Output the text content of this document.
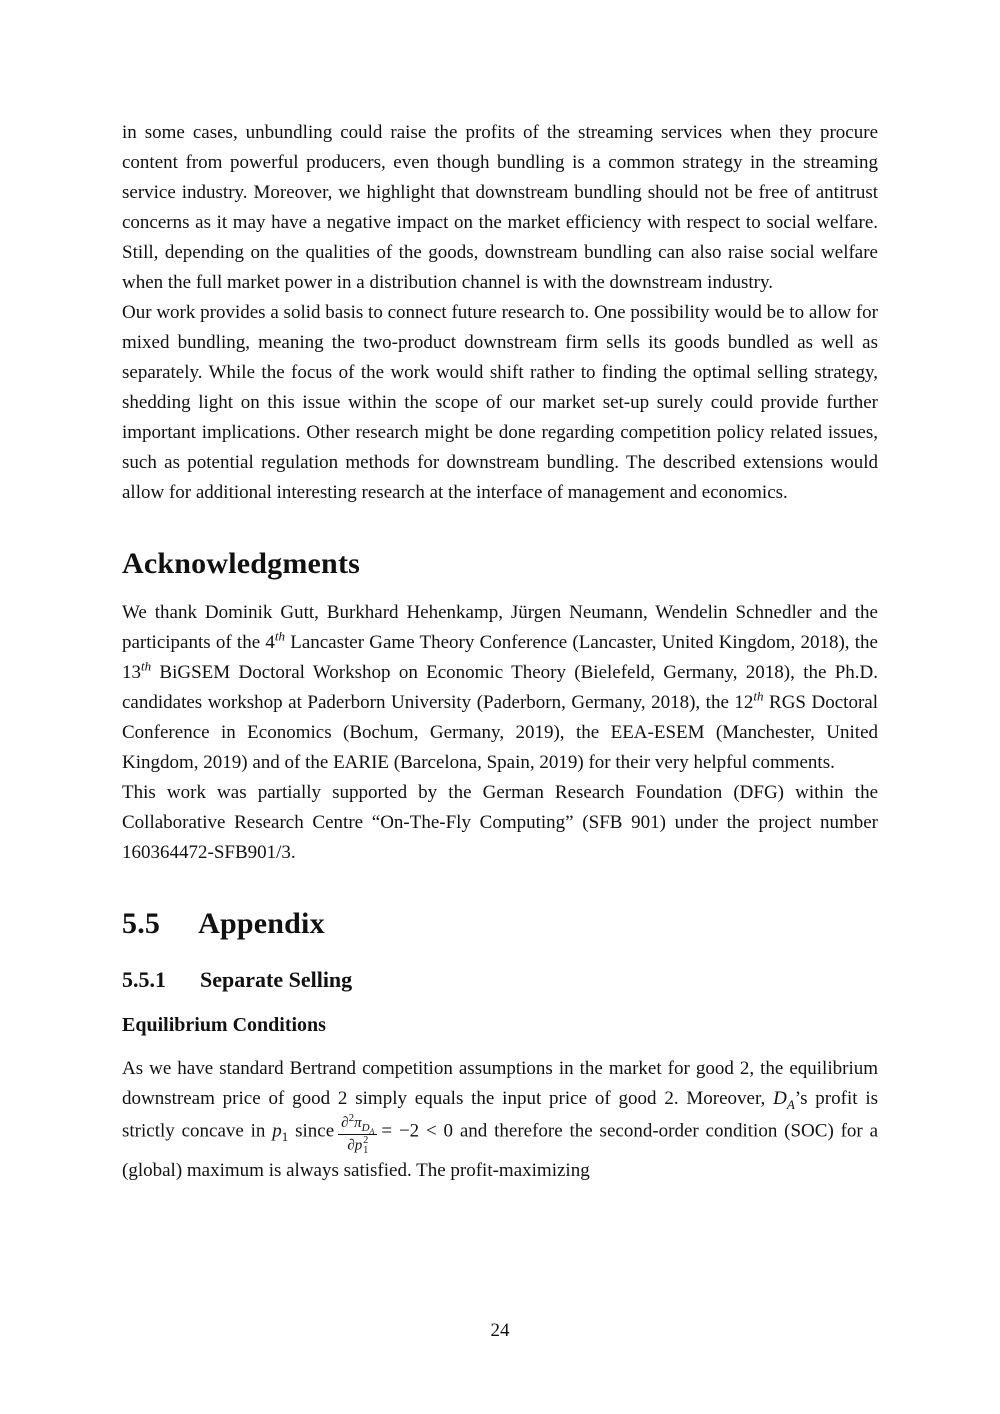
in some cases, unbundling could raise the profits of the streaming services when they procure content from powerful producers, even though bundling is a common strategy in the streaming service industry. Moreover, we highlight that downstream bundling should not be free of antitrust concerns as it may have a negative impact on the market efficiency with respect to social welfare. Still, depending on the qualities of the goods, downstream bundling can also raise social welfare when the full market power in a distribution channel is with the downstream industry.

Our work provides a solid basis to connect future research to. One possibility would be to allow for mixed bundling, meaning the two-product downstream firm sells its goods bundled as well as separately. While the focus of the work would shift rather to finding the optimal selling strategy, shedding light on this issue within the scope of our market set-up surely could provide further important implications. Other research might be done regarding competition policy related issues, such as potential regulation methods for downstream bundling. The described extensions would allow for additional interesting research at the interface of management and economics.

Acknowledgments

We thank Dominik Gutt, Burkhard Hehenkamp, Jürgen Neumann, Wendelin Schnedler and the participants of the 4th Lancaster Game Theory Conference (Lancaster, United Kingdom, 2018), the 13th BiGSEM Doctoral Workshop on Economic Theory (Bielefeld, Germany, 2018), the Ph.D. candidates workshop at Paderborn University (Paderborn, Germany, 2018), the 12th RGS Doctoral Conference in Economics (Bochum, Germany, 2019), the EEA-ESEM (Manchester, United Kingdom, 2019) and of the EARIE (Barcelona, Spain, 2019) for their very helpful comments.

This work was partially supported by the German Research Foundation (DFG) within the Collaborative Research Centre “On-The-Fly Computing” (SFB 901) under the project number 160364472-SFB901/3.

5.5 Appendix
5.5.1 Separate Selling
Equilibrium Conditions

As we have standard Bertrand competition assumptions in the market for good 2, the equilibrium downstream price of good 2 simply equals the input price of good 2. Moreover, $D_A’s$ profit is strictly concave in $p_1$ since $\partial^2\pi_{D_A}$
∂p 2
1 = −2 < 0 and therefore the second-order condition (SOC) for a (global) maximum is always satisfied. The profit-maximizing

24
